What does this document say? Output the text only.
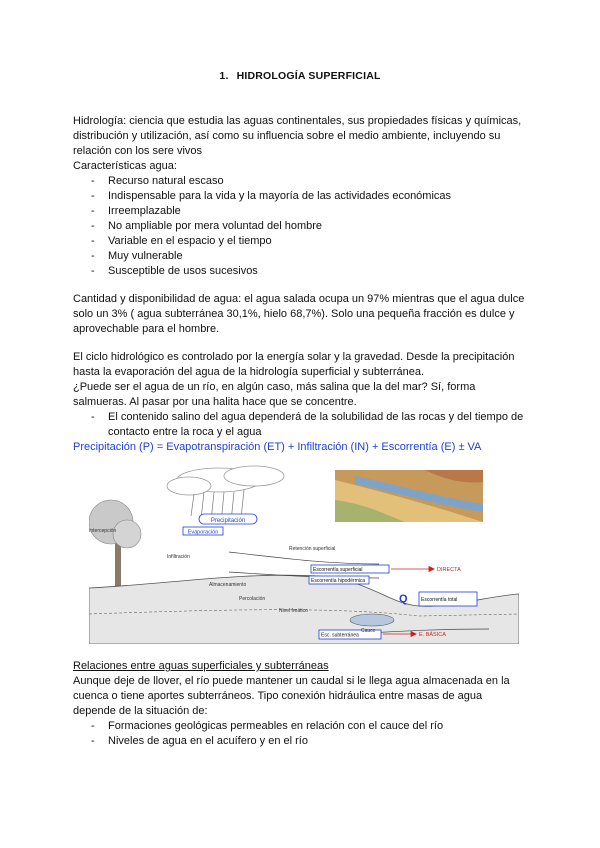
1. HIDROLOGÍA SUPERFICIAL
Hidrología: ciencia que estudia las aguas continentales, sus propiedades físicas y químicas,
distribución y utilización, así como su influencia sobre el medio ambiente, incluyendo su
relación con los sere vivos
Características agua:
- Recurso natural escaso
- Indispensable para la vida y la mayoría de las actividades económicas
- Irreemplazable
- No ampliable por mera voluntad del hombre
- Variable en el espacio y el tiempo
- Muy vulnerable
- Susceptible de usos sucesivos
Cantidad y disponibilidad de agua: el agua salada ocupa un 97% mientras que el agua dulce
solo un 3% ( agua subterránea 30,1%, hielo 68,7%). Solo una pequeña fracción es dulce y
aprovechable para el hombre.
El ciclo hidrológico es controlado por la energía solar y la gravedad. Desde la precipitación
hasta la evaporación del agua de la hidrología superficial y subterránea.
¿Puede ser el agua de un río, en algún caso, más salina que la del mar? Sí, forma
salmueras. Al pasar por una halita hace que se concentre.
- El contenido salino del agua dependerá de la solubilidad de las rocas y del tiempo de
contacto entre la roca y el agua
Precipitación (P) = Evapotranspiración (ET) + Infiltración (IN) + Escorrentía (E) ± VA
Precipitación
Evaporación
Escorrentía superficial
Escorrentía hipodérmica
Escorrentía total
Esc. subterránea
DIRECTA
E. BÁSICA
Intercepción
Infiltración
Retención superficial
Almacenamiento
Nivel freático
Percolación
Cauce
Q
Relaciones entre aguas superficiales y subterráneas
Aunque deje de llover, el río puede mantener un caudal si le llega agua almacenada en la
cuenca o tiene aportes subterráneos. Tipo conexión hidráulica entre masas de agua
depende de la situación de:
- Formaciones geológicas permeables en relación con el cauce del río
- Niveles de agua en el acuífero y en el río
